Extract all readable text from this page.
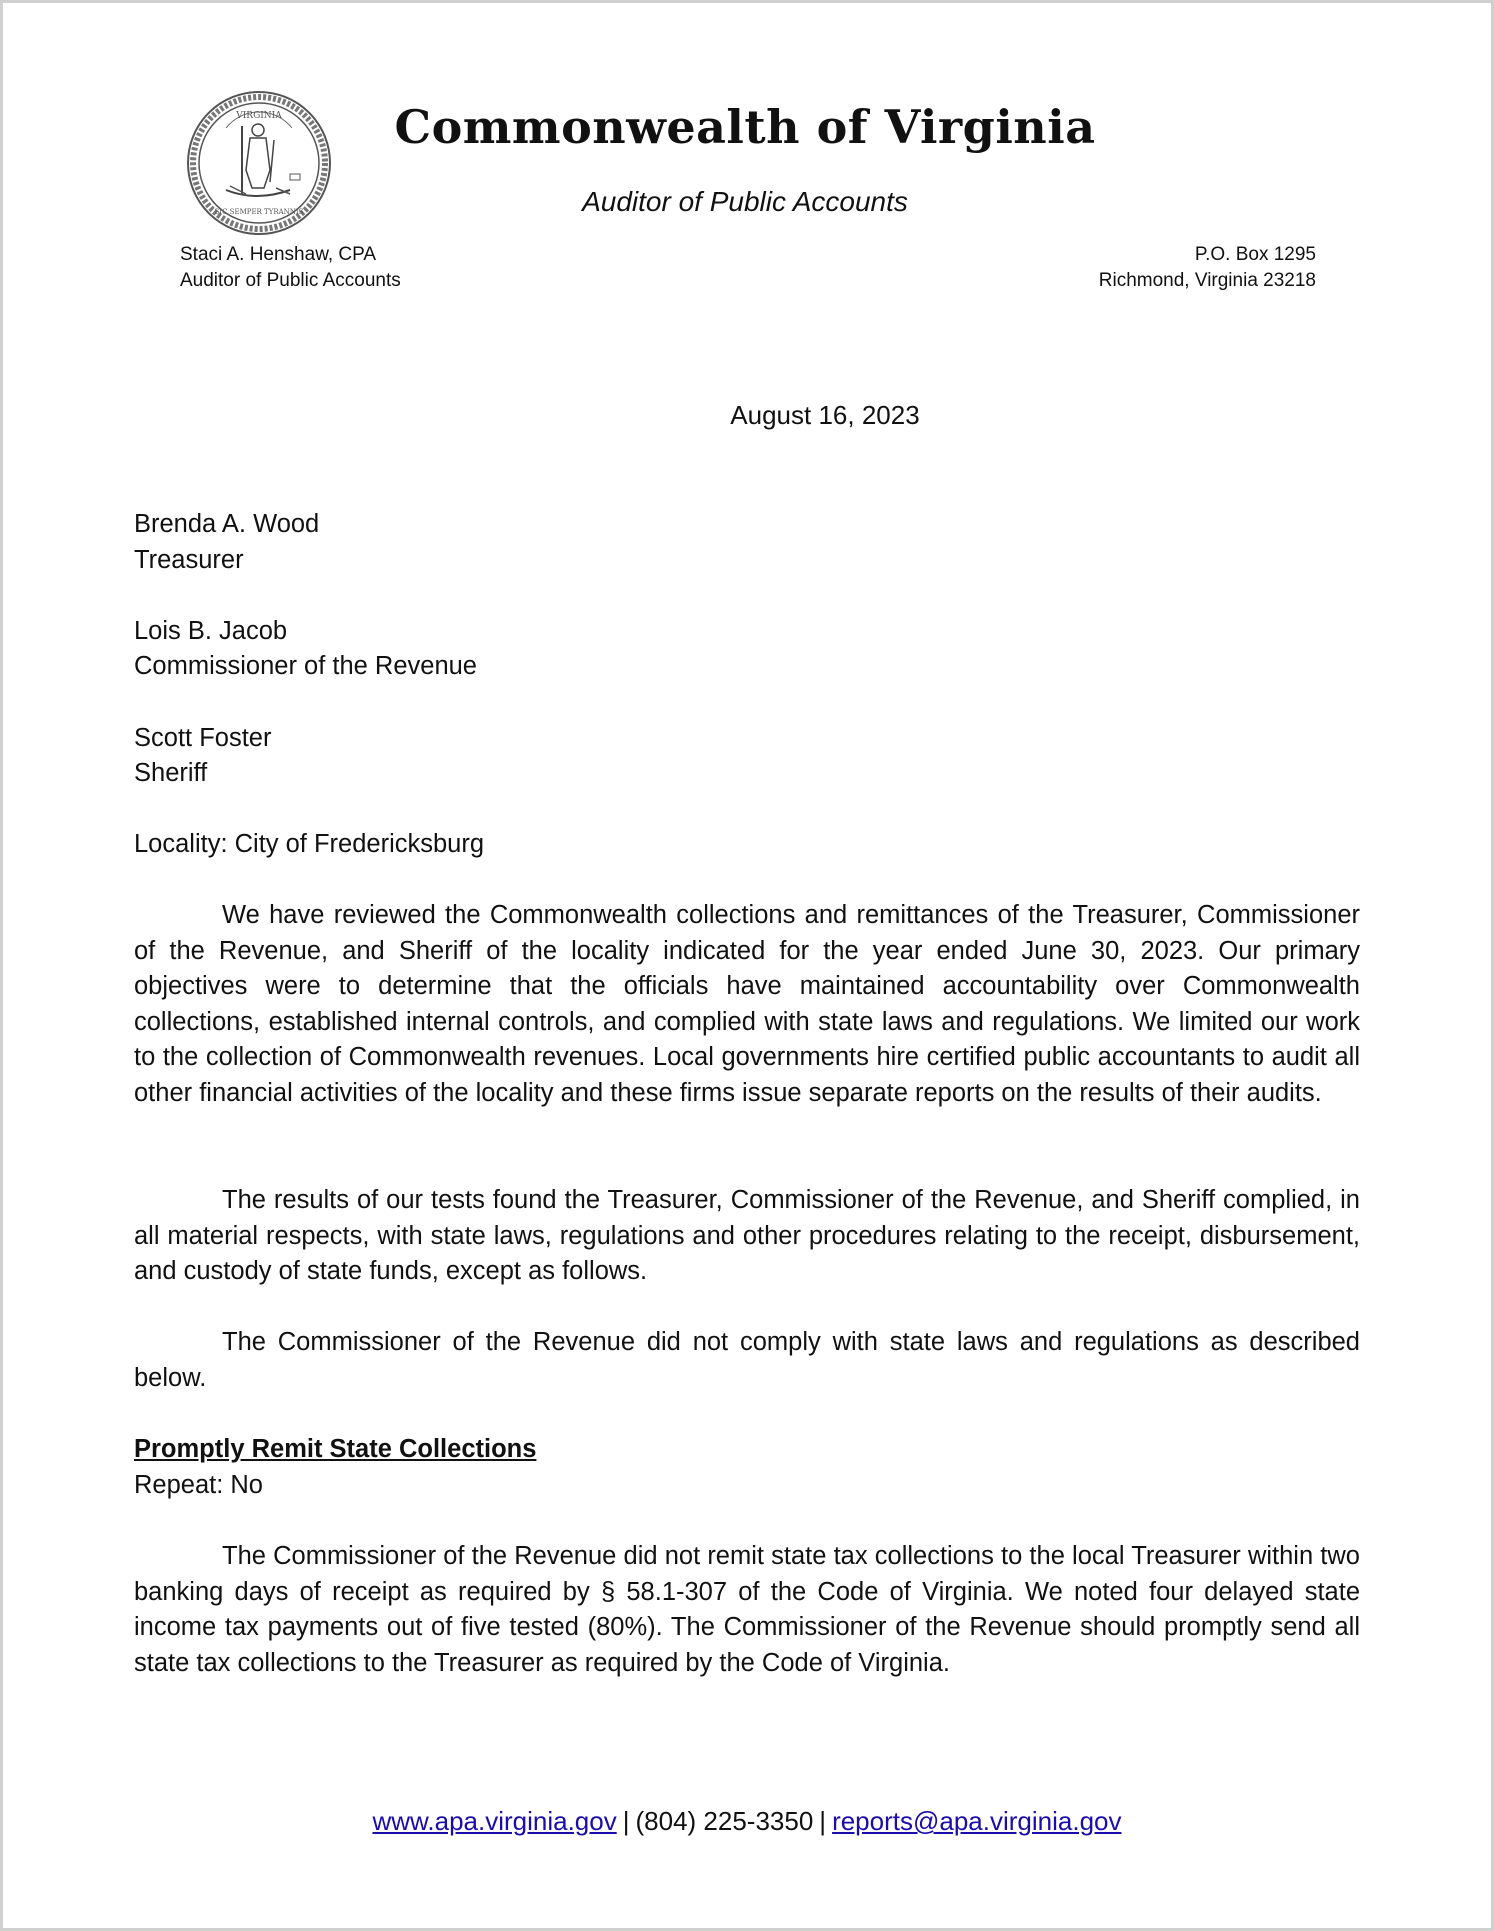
VIRGINIA
SIC SEMPER TYRANNIS
Commonwealth of Virginia
Auditor of Public Accounts
Staci A. Henshaw, CPA
Auditor of Public Accounts
P.O. Box 1295
Richmond, Virginia 23218
August 16, 2023
Brenda A. Wood
Treasurer
Lois B. Jacob
Commissioner of the Revenue
Scott Foster
Sheriff
Locality: City of Fredericksburg

We have reviewed the Commonwealth collections and remittances of the Treasurer, Commissioner of the Revenue, and Sheriff of the locality indicated for the year ended June 30, 2023. Our primary objectives were to determine that the officials have maintained accountability over Commonwealth collections, established internal controls, and complied with state laws and regulations. We limited our work to the collection of Commonwealth revenues. Local governments hire certified public accountants to audit all other financial activities of the locality and these firms issue separate reports on the results of their audits.

The results of our tests found the Treasurer, Commissioner of the Revenue, and Sheriff complied, in all material respects, with state laws, regulations and other procedures relating to the receipt, disbursement, and custody of state funds, except as follows.

The Commissioner of the Revenue did not comply with state laws and regulations as described below.

Promptly Remit State Collections
Repeat: No

The Commissioner of the Revenue did not remit state tax collections to the local Treasurer within two banking days of receipt as required by § 58.1-307 of the Code of Virginia. We noted four delayed state income tax payments out of five tested (80%). The Commissioner of the Revenue should promptly send all state tax collections to the Treasurer as required by the Code of Virginia.

www.apa.virginia.gov | (804) 225-3350 | reports@apa.virginia.gov
